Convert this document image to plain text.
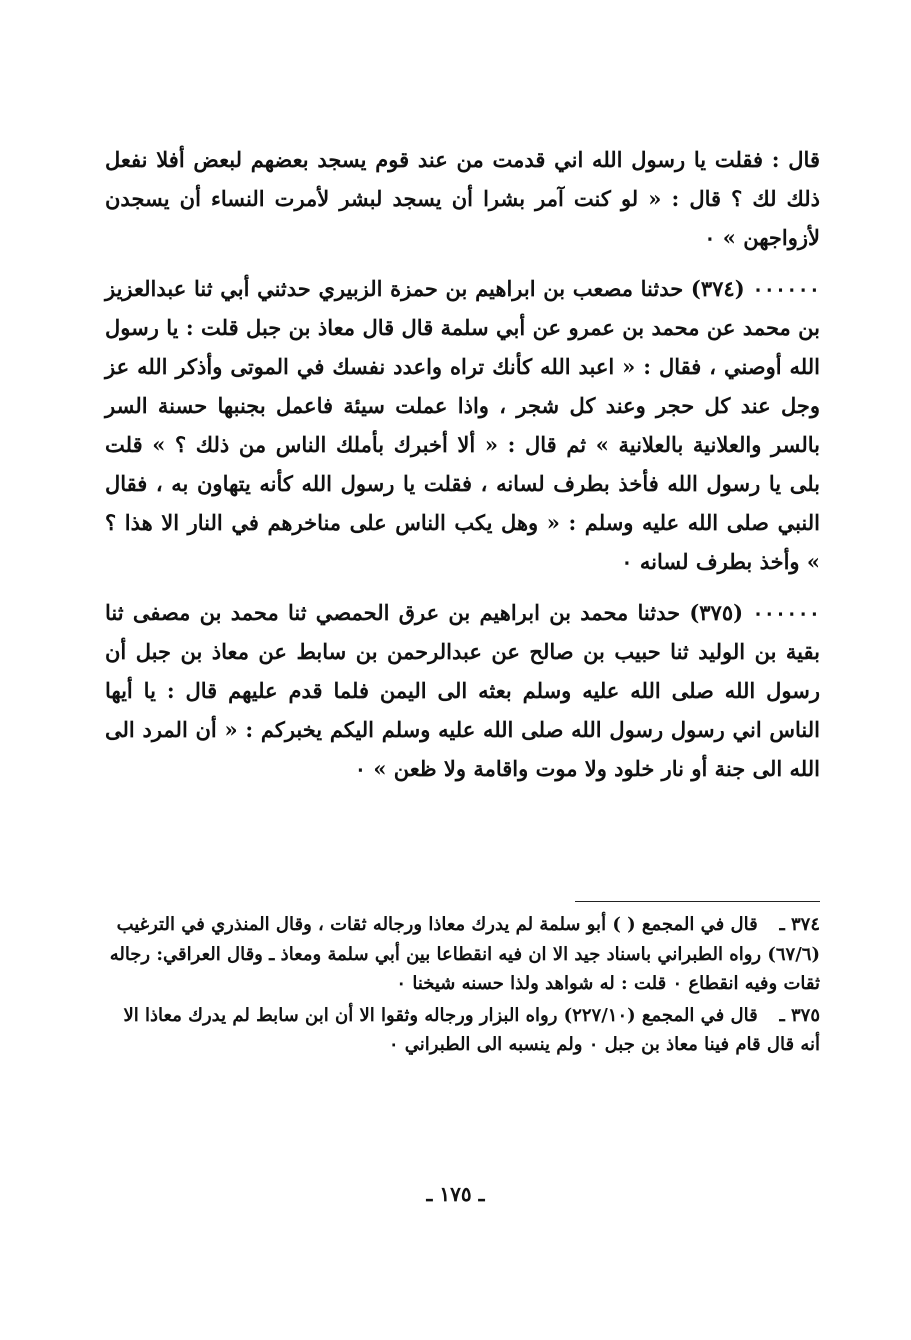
قال : فقلت يا رسول الله اني قدمت من عند قوم يسجد بعضهم لبعض أفلا نفعل ذلك لك ؟ قال : « لو كنت آمر بشرا أن يسجد لبشر لأمرت النساء أن يسجدن لأزواجهن » ٠

٠٠٠٠٠٠ (٣٧٤) حدثنا مصعب بن ابراهيم بن حمزة الزبيري حدثني أبي ثنا عبدالعزيز بن محمد عن محمد بن عمرو عن أبي سلمة قال قال معاذ بن جبل قلت : يا رسول الله أوصني ، فقال : « اعبد الله كأنك تراه واعدد نفسك في الموتى وأذكر الله عز وجل عند كل حجر وعند كل شجر ، واذا عملت سيئة فاعمل بجنبها حسنة السر بالسر والعلانية بالعلانية » ثم قال : « ألا أخبرك بأملك الناس من ذلك ؟ » قلت بلى يا رسول الله فأخذ بطرف لسانه ، فقلت يا رسول الله كأنه يتهاون به ، فقال النبي صلى الله عليه وسلم : « وهل يكب الناس على مناخرهم في النار الا هذا ؟ » وأخذ بطرف لسانه ٠

٠٠٠٠٠٠ (٣٧٥) حدثنا محمد بن ابراهيم بن عرق الحمصي ثنا محمد بن مصفى ثنا بقية بن الوليد ثنا حبيب بن صالح عن عبدالرحمن بن سابط عن معاذ بن جبل أن رسول الله صلى الله عليه وسلم بعثه الى اليمن فلما قدم عليهم قال : يا أيها الناس اني رسول رسول الله صلى الله عليه وسلم اليكم يخبركم : « أن المرد الى الله الى جنة أو نار خلود ولا موت واقامة ولا ظعن » ٠

٣٧٤ ـ قال في المجمع ( ) أبو سلمة لم يدرك معاذا ورجاله ثقات ، وقال المنذري في الترغيب (٦٧/٦) رواه الطبراني باسناد جيد الا ان فيه انقطاعا بين أبي سلمة ومعاذ ـ وقال العراقي: رجاله ثقات وفيه انقطاع ٠ قلت : له شواهد ولذا حسنه شيخنا ٠

٣٧٥ ـ قال في المجمع (٢٢٧/١٠) رواه البزار ورجاله وثقوا الا أن ابن سابط لم يدرك معاذا الا أنه قال قام فينا معاذ بن جبل ٠ ولم ينسبه الى الطبراني ٠

ـ ١٧٥ ـ
